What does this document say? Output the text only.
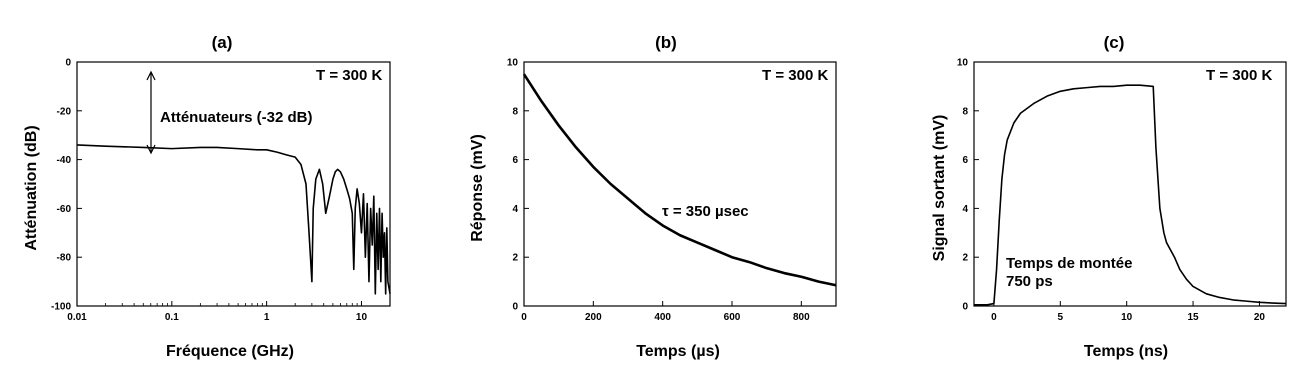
(a)
Fréquence (GHz)
Atténuation (dB)
T = 300 K
Atténuateurs (-32 dB)
0.01	0.1	1	10
0
-20
-40
-60
-80
-100
(b)
Temps (µs)
Réponse (mV)
T = 300 K
τ = 350 µsec
0	200	400	600	800
0
2
4
6
8
10
(c)
Temps (ns)
Signal sortant (mV)
T = 300 K
Temps de montée
750 ps
0	5	10	15	20
0
2
4
6
8
10
